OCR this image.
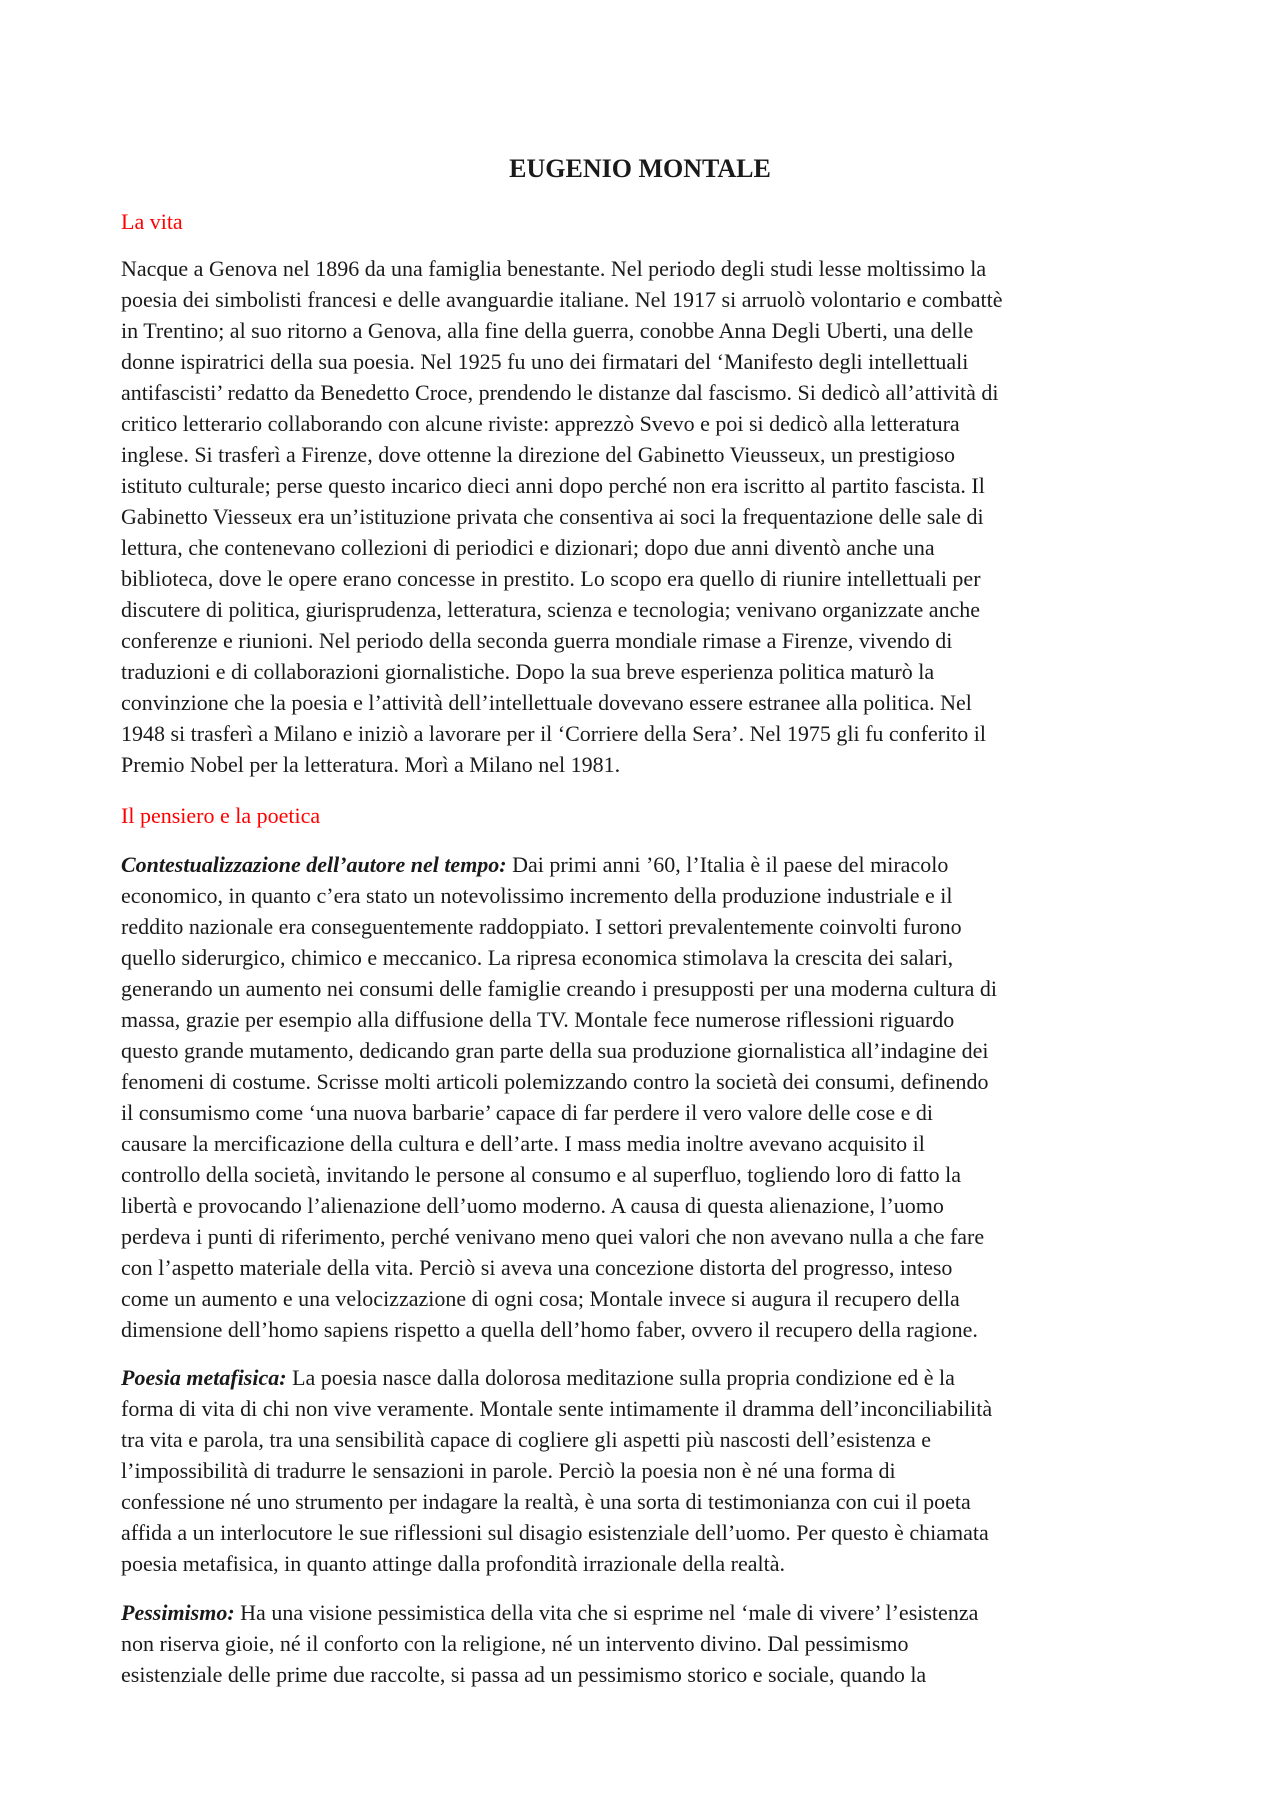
EUGENIO MONTALE
La vita
Nacque a Genova nel 1896 da una famiglia benestante. Nel periodo degli studi lesse moltissimo la
poesia dei simbolisti francesi e delle avanguardie italiane. Nel 1917 si arruolò volontario e combattè
in Trentino; al suo ritorno a Genova, alla fine della guerra, conobbe Anna Degli Uberti, una delle
donne ispiratrici della sua poesia. Nel 1925 fu uno dei firmatari del ‘Manifesto degli intellettuali
antifascisti’ redatto da Benedetto Croce, prendendo le distanze dal fascismo. Si dedicò all’attività di
critico letterario collaborando con alcune riviste: apprezzò Svevo e poi si dedicò alla letteratura
inglese. Si trasferì a Firenze, dove ottenne la direzione del Gabinetto Vieusseux, un prestigioso
istituto culturale; perse questo incarico dieci anni dopo perché non era iscritto al partito fascista. Il
Gabinetto Viesseux era un’istituzione privata che consentiva ai soci la frequentazione delle sale di
lettura, che contenevano collezioni di periodici e dizionari; dopo due anni diventò anche una
biblioteca, dove le opere erano concesse in prestito. Lo scopo era quello di riunire intellettuali per
discutere di politica, giurisprudenza, letteratura, scienza e tecnologia; venivano organizzate anche
conferenze e riunioni. Nel periodo della seconda guerra mondiale rimase a Firenze, vivendo di
traduzioni e di collaborazioni giornalistiche. Dopo la sua breve esperienza politica maturò la
convinzione che la poesia e l’attività dell’intellettuale dovevano essere estranee alla politica. Nel
1948 si trasferì a Milano e iniziò a lavorare per il ‘Corriere della Sera’. Nel 1975 gli fu conferito il
Premio Nobel per la letteratura. Morì a Milano nel 1981.
Il pensiero e la poetica
Contestualizzazione dell’autore nel tempo: Dai primi anni ’60, l’Italia è il paese del miracolo
economico, in quanto c’era stato un notevolissimo incremento della produzione industriale e il
reddito nazionale era conseguentemente raddoppiato. I settori prevalentemente coinvolti furono
quello siderurgico, chimico e meccanico. La ripresa economica stimolava la crescita dei salari,
generando un aumento nei consumi delle famiglie creando i presupposti per una moderna cultura di
massa, grazie per esempio alla diffusione della TV. Montale fece numerose riflessioni riguardo
questo grande mutamento, dedicando gran parte della sua produzione giornalistica all’indagine dei
fenomeni di costume. Scrisse molti articoli polemizzando contro la società dei consumi, definendo
il consumismo come ‘una nuova barbarie’ capace di far perdere il vero valore delle cose e di
causare la mercificazione della cultura e dell’arte. I mass media inoltre avevano acquisito il
controllo della società, invitando le persone al consumo e al superfluo, togliendo loro di fatto la
libertà e provocando l’alienazione dell’uomo moderno. A causa di questa alienazione, l’uomo
perdeva i punti di riferimento, perché venivano meno quei valori che non avevano nulla a che fare
con l’aspetto materiale della vita. Perciò si aveva una concezione distorta del progresso, inteso
come un aumento e una velocizzazione di ogni cosa; Montale invece si augura il recupero della
dimensione dell’homo sapiens rispetto a quella dell’homo faber, ovvero il recupero della ragione.
Poesia metafisica: La poesia nasce dalla dolorosa meditazione sulla propria condizione ed è la
forma di vita di chi non vive veramente. Montale sente intimamente il dramma dell’inconciliabilità
tra vita e parola, tra una sensibilità capace di cogliere gli aspetti più nascosti dell’esistenza e
l’impossibilità di tradurre le sensazioni in parole. Perciò la poesia non è né una forma di
confessione né uno strumento per indagare la realtà, è una sorta di testimonianza con cui il poeta
affida a un interlocutore le sue riflessioni sul disagio esistenziale dell’uomo. Per questo è chiamata
poesia metafisica, in quanto attinge dalla profondità irrazionale della realtà.
Pessimismo: Ha una visione pessimistica della vita che si esprime nel ‘male di vivere’ l’esistenza
non riserva gioie, né il conforto con la religione, né un intervento divino. Dal pessimismo
esistenziale delle prime due raccolte, si passa ad un pessimismo storico e sociale, quando la
